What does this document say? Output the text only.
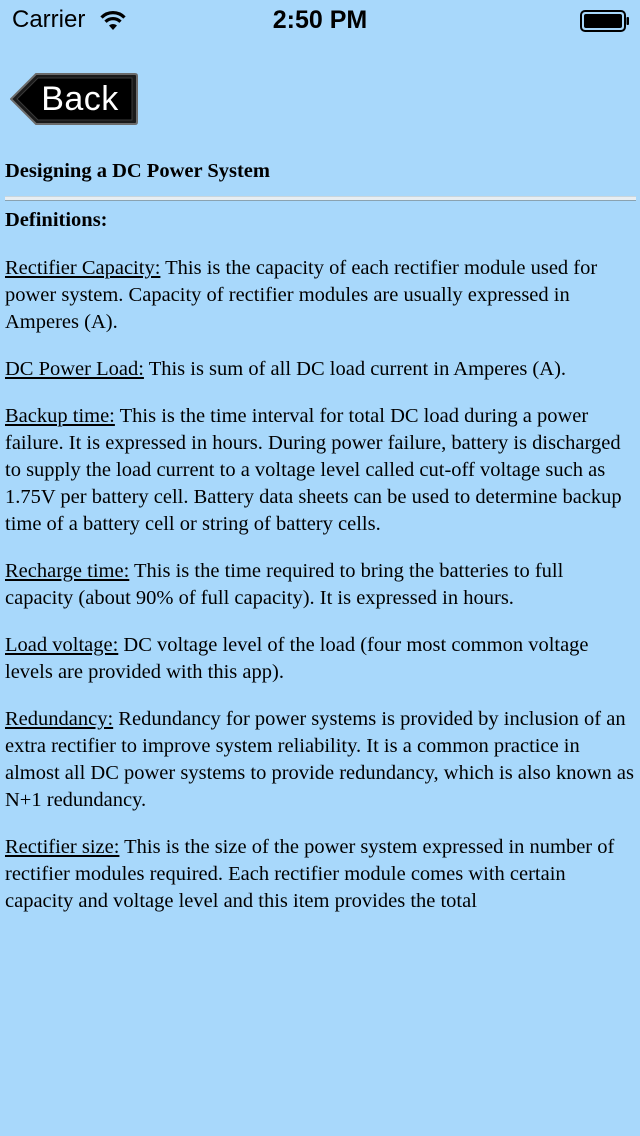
Carrier	2:50 PM
Back
Designing a DC Power System
Definitions:
Rectifier Capacity: This is the capacity of each rectifier module used for power system. Capacity of rectifier modules are usually expressed in Amperes (A).
DC Power Load: This is sum of all DC load current in Amperes (A).
Backup time: This is the time interval for total DC load during a power failure. It is expressed in hours. During power failure, battery is discharged to supply the load current to a voltage level called cut-off voltage such as 1.75V per battery cell. Battery data sheets can be used to determine backup time of a battery cell or string of battery cells.
Recharge time: This is the time required to bring the batteries to full capacity (about 90% of full capacity). It is expressed in hours.
Load voltage: DC voltage level of the load (four most common voltage levels are provided with this app).
Redundancy: Redundancy for power systems is provided by inclusion of an extra rectifier to improve system reliability. It is a common practice in almost all DC power systems to provide redundancy, which is also known as N+1 redundancy.
Rectifier size: This is the size of the power system expressed in number of rectifier modules required. Each rectifier module comes with certain capacity and voltage level and this item provides the total
